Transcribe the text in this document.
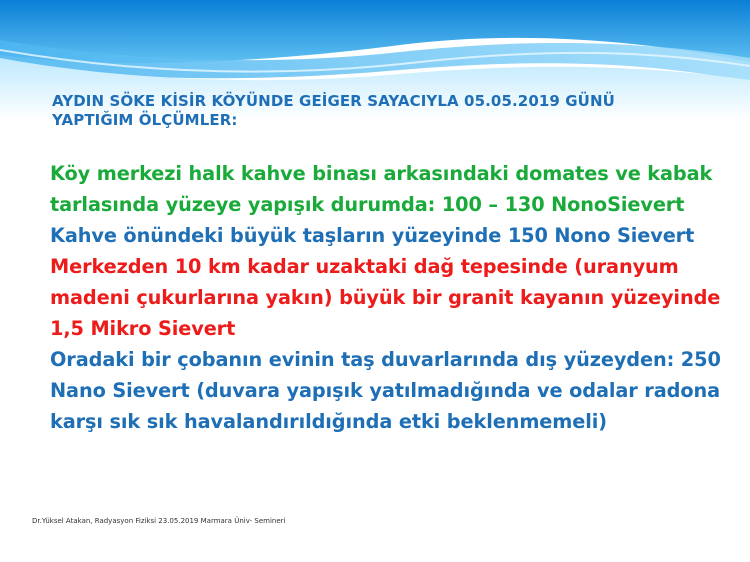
AYDIN SÖKE KİSİR KÖYÜNDE GEİGER SAYACIYLA 05.05.2019 GÜNÜ YAPTIĞIM ÖLÇÜMLER:

Köy merkezi halk kahve binası arkasındaki domates ve kabak tarlasında yüzeye yapışık durumda: 100 – 130 NonoSievert

Kahve önündeki büyük taşların yüzeyinde 150 Nono Sievert

Merkezden 10 km kadar uzaktaki dağ tepesinde (uranyum madeni çukurlarına yakın) büyük bir granit kayanın yüzeyinde 1,5 Mikro Sievert

Oradaki bir çobanın evinin taş duvarlarında dış yüzeyden: 250 Nano Sievert (duvara yapışık yatılmadığında ve odalar radona karşı sık sık havalandırıldığında etki beklenmemeli)

Dr.Yüksel Atakan, Radyasyon Fiziksi 23.05.2019 Marmara Üniv- Semineri
